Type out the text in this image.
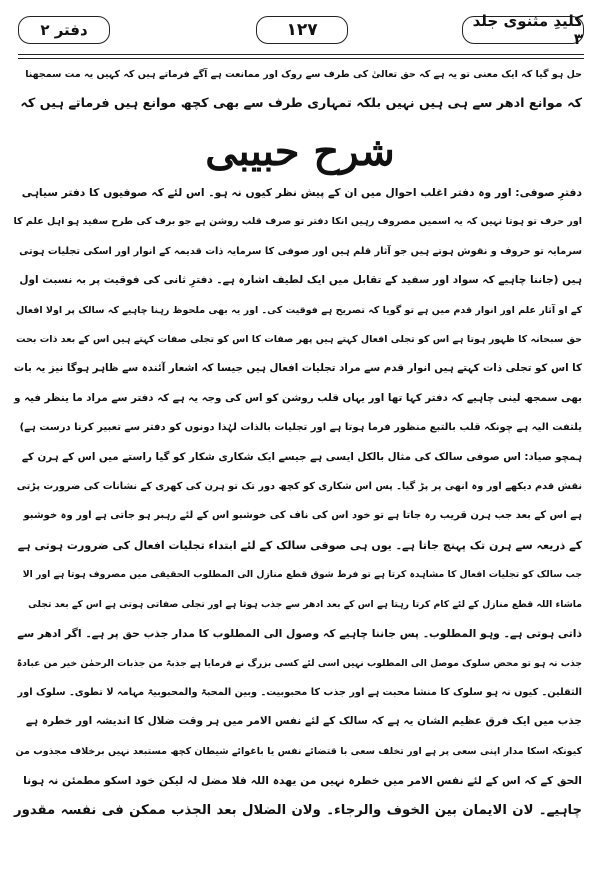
کلیدِ مثنوی جلد ۳
۱۲۷
دفتر ۲

حل ہو گیا کہ ایک معنی تو یہ ہے کہ حق تعالیٰ کی طرف سے روک اور ممانعت ہے آگے فرماتے ہیں کہ کہیں یہ مت سمجھنا

کہ موانع ادھر سے ہی ہیں نہیں بلکہ تمہاری طرف سے بھی کچھ موانع ہیں فرماتے ہیں کہ

شرح حبیبی

دفترِ صوفی: اور وہ دفتر اغلب احوال میں ان کے پیش نظر کیوں نہ ہو۔ اس لئے کہ صوفیوں کا دفتر سیاہی

اور حرف تو ہوتا نہیں کہ یہ اسمیں مصروف رہیں انکا دفتر تو صرف قلب روشن ہے جو برف کی طرح سفید ہو اہل علم کا

سرمایہ تو حروف و نقوش ہوتے ہیں جو آثار قلم ہیں اور صوفی کا سرمایہ ذات قدیمہ کے انوار اور اسکی تجلیات ہوتی

ہیں (جاننا چاہیے کہ سواد اور سفید کے تقابل میں ایک لطیف اشارہ ہے۔ دفترِ ثانی کی فوقیت پر بہ نسبت اول

کے او آثار علم اور انوار قدم میں ہے تو گویا کہ تصریح ہے فوقیت کی۔ اور یہ بھی ملحوظ رہنا چاہیے کہ سالک پر اولا افعال

حق سبحانہ کا ظہور ہوتا ہے اس کو تجلی افعال کہتے ہیں پھر صفات کا اس کو تجلی صفات کہتے ہیں اس کے بعد ذات بحت

کا اس کو تجلی ذات کہتے ہیں انوار قدم سے مراد تجلیات افعال ہیں جیسا کہ اشعار آئندہ سے ظاہر ہوگا نیز یہ بات

بھی سمجھ لینی چاہیے کہ دفتر کہا تھا اور یہاں قلب روشن کو اس کی وجہ یہ ہے کہ دفتر سے مراد ما ینظر فیہ و

یلتفت الیہ ہے چونکہ قلب بالتبع منظور فرما ہوتا ہے اور تجلیات بالذات لہٰذا دونوں کو دفتر سے تعبیر کرنا درست ہے)

ہمچو صیاد: اس صوفی سالک کی مثال بالکل ایسی ہے جیسے ایک شکاری شکار کو گیا راستے میں اس کے ہرن کے

نقش قدم دیکھے اور وہ انھی پر پڑ گیا۔ پس اس شکاری کو کچھ دور تک تو ہرن کی کھری کے نشانات کی ضرورت پڑتی

ہے اس کے بعد جب ہرن قریب رہ جاتا ہے تو خود اس کی ناف کی خوشبو اس کے لئے رہبر ہو جاتی ہے اور وہ خوشبو

کے ذریعہ سے ہرن تک پہنچ جاتا ہے۔ یوں ہی صوفی سالک کے لئے ابتداء تجلیات افعال کی ضرورت ہوتی ہے

جب سالک کو تجلیات افعال کا مشاہدہ کرتا ہے تو فرط شوق قطع منازل الی المطلوب الحقیقی میں مصروف ہوتا ہے اور الا

ماشاء اللہ قطع منازل کے لئے کام کرتا رہتا ہے اس کے بعد ادھر سے جذب ہوتا ہے اور تجلی صفاتی ہوتی ہے اس کے بعد تجلی

ذاتی ہوتی ہے۔ وہو المطلوب۔ پس جاننا چاہیے کہ وصول الی المطلوب کا مدار جذب حق پر ہے۔ اگر ادھر سے

جذب نہ ہو تو محض سلوک موصل الی المطلوب نہیں اسی لئے کسی بزرگ نے فرمایا ہے جذبۃ من جذبات الرحمٰن خیر من عبادۃ

الثقلین۔ کیوں نہ ہو سلوک کا منشا محبت ہے اور جذب کا محبوبیت۔ وبین المحبۃ والمحبوبیۃ مہامہ لا تطوی۔ سلوک اور

جذب میں ایک فرق عظیم الشان یہ ہے کہ سالک کے لئے نفس الامر میں ہر وقت ضلال کا اندیشہ اور خطرہ ہے

کیونکہ اسکا مدار اپنی سعی پر ہے اور تخلف سعی با قتضائے نفس یا باغوائے شیطان کچھ مستبعد نہیں برخلاف مجذوب من

الحق کے کہ اس کے لئے نفس الامر میں خطرہ نہیں من یھدہ اللہ فلا مضل لہ لیکن خود اسکو مطمئن نہ ہونا

چاہیے۔ لان الایمان بین الخوف والرجاء۔ ولان الضلال بعد الجذب ممکن فی نفسہ مقدور
